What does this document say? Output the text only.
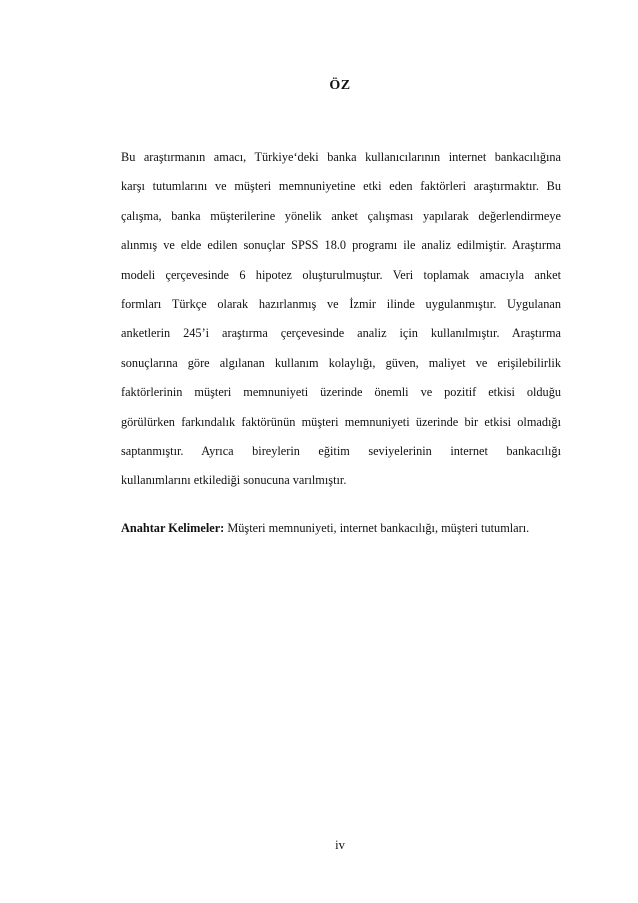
ÖZ

Bu araştırmanın amacı, Türkiye‘deki banka kullanıcılarının internet bankacılığına
karşı tutumlarını ve müşteri memnuniyetine etki eden faktörleri araştırmaktır. Bu
çalışma, banka müşterilerine yönelik anket çalışması yapılarak değerlendirmeye
alınmış ve elde edilen sonuçlar SPSS 18.0 programı ile analiz edilmiştir. Araştırma
modeli çerçevesinde 6 hipotez oluşturulmuştur. Veri toplamak amacıyla anket
formları Türkçe olarak hazırlanmış ve İzmir ilinde uygulanmıştır. Uygulanan
anketlerin 245’i araştırma çerçevesinde analiz için kullanılmıştır. Araştırma
sonuçlarına göre algılanan kullanım kolaylığı, güven, maliyet ve erişilebilirlik
faktörlerinin müşteri memnuniyeti üzerinde önemli ve pozitif etkisi olduğu
görülürken farkındalık faktörünün müşteri memnuniyeti üzerinde bir etkisi olmadığı
saptanmıştır. Ayrıca bireylerin eğitim seviyelerinin internet bankacılığı
kullanımlarını etkilediği sonucuna varılmıştır.

Anahtar Kelimeler: Müşteri memnuniyeti, internet bankacılığı, müşteri tutumları.
iv
